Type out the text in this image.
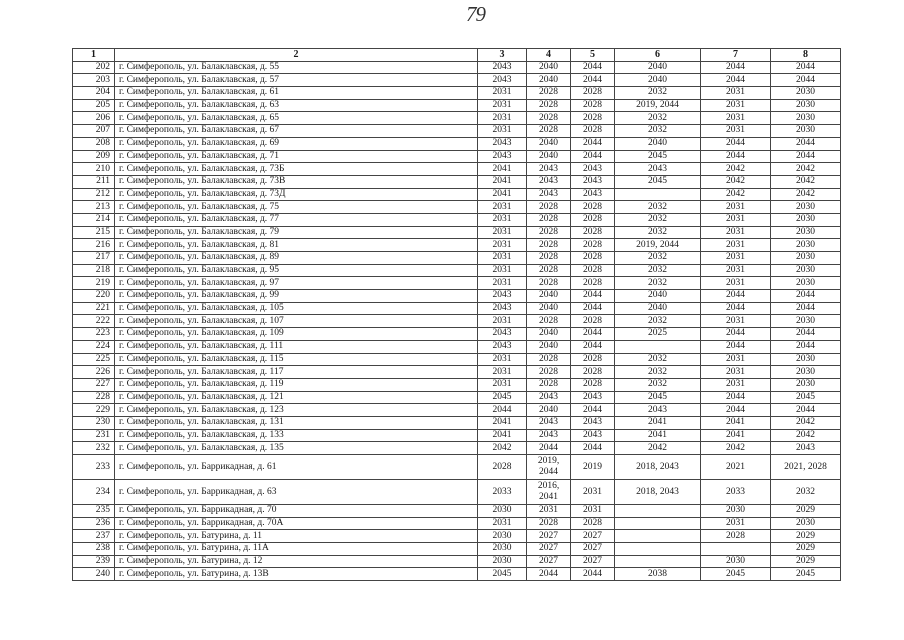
79
1	2	3	4	5	6	7	8
202	г. Симферополь, ул. Балаклавская, д. 55	2043	2040	2044	2040	2044	2044
203	г. Симферополь, ул. Балаклавская, д. 57	2043	2040	2044	2040	2044	2044
204	г. Симферополь, ул. Балаклавская, д. 61	2031	2028	2028	2032	2031	2030
205	г. Симферополь, ул. Балаклавская, д. 63	2031	2028	2028	2019, 2044	2031	2030
206	г. Симферополь, ул. Балаклавская, д. 65	2031	2028	2028	2032	2031	2030
207	г. Симферополь, ул. Балаклавская, д. 67	2031	2028	2028	2032	2031	2030
208	г. Симферополь, ул. Балаклавская, д. 69	2043	2040	2044	2040	2044	2044
209	г. Симферополь, ул. Балаклавская, д. 71	2043	2040	2044	2045	2044	2044
210	г. Симферополь, ул. Балаклавская, д. 73Б	2041	2043	2043	2043	2042	2042
211	г. Симферополь, ул. Балаклавская, д. 73В	2041	2043	2043	2045	2042	2042
212	г. Симферополь, ул. Балаклавская, д. 73Д	2041	2043	2043		2042	2042
213	г. Симферополь, ул. Балаклавская, д. 75	2031	2028	2028	2032	2031	2030
214	г. Симферополь, ул. Балаклавская, д. 77	2031	2028	2028	2032	2031	2030
215	г. Симферополь, ул. Балаклавская, д. 79	2031	2028	2028	2032	2031	2030
216	г. Симферополь, ул. Балаклавская, д. 81	2031	2028	2028	2019, 2044	2031	2030
217	г. Симферополь, ул. Балаклавская, д. 89	2031	2028	2028	2032	2031	2030
218	г. Симферополь, ул. Балаклавская, д. 95	2031	2028	2028	2032	2031	2030
219	г. Симферополь, ул. Балаклавская, д. 97	2031	2028	2028	2032	2031	2030
220	г. Симферополь, ул. Балаклавская, д. 99	2043	2040	2044	2040	2044	2044
221	г. Симферополь, ул. Балаклавская, д. 105	2043	2040	2044	2040	2044	2044
222	г. Симферополь, ул. Балаклавская, д. 107	2031	2028	2028	2032	2031	2030
223	г. Симферополь, ул. Балаклавская, д. 109	2043	2040	2044	2025	2044	2044
224	г. Симферополь, ул. Балаклавская, д. 111	2043	2040	2044		2044	2044
225	г. Симферополь, ул. Балаклавская, д. 115	2031	2028	2028	2032	2031	2030
226	г. Симферополь, ул. Балаклавская, д. 117	2031	2028	2028	2032	2031	2030
227	г. Симферополь, ул. Балаклавская, д. 119	2031	2028	2028	2032	2031	2030
228	г. Симферополь, ул. Балаклавская, д. 121	2045	2043	2043	2045	2044	2045
229	г. Симферополь, ул. Балаклавская, д. 123	2044	2040	2044	2043	2044	2044
230	г. Симферополь, ул. Балаклавская, д. 131	2041	2043	2043	2041	2041	2042
231	г. Симферополь, ул. Балаклавская, д. 133	2041	2043	2043	2041	2041	2042
232	г. Симферополь, ул. Балаклавская, д. 135	2042	2044	2044	2042	2042	2043
233	г. Симферополь, ул. Баррикадная, д. 61	2028	2019, 2044	2019	2018, 2043	2021	2021, 2028
234	г. Симферополь, ул. Баррикадная, д. 63	2033	2016, 2041	2031	2018, 2043	2033	2032
235	г. Симферополь, ул. Баррикадная, д. 70	2030	2031	2031		2030	2029
236	г. Симферополь, ул. Баррикадная, д. 70А	2031	2028	2028		2031	2030
237	г. Симферополь, ул. Батурина, д. 11	2030	2027	2027		2028	2029
238	г. Симферополь, ул. Батурина, д. 11А	2030	2027	2027			2029
239	г. Симферополь, ул. Батурина, д. 12	2030	2027	2027		2030	2029
240	г. Симферополь, ул. Батурина, д. 13В	2045	2044	2044	2038	2045	2045
